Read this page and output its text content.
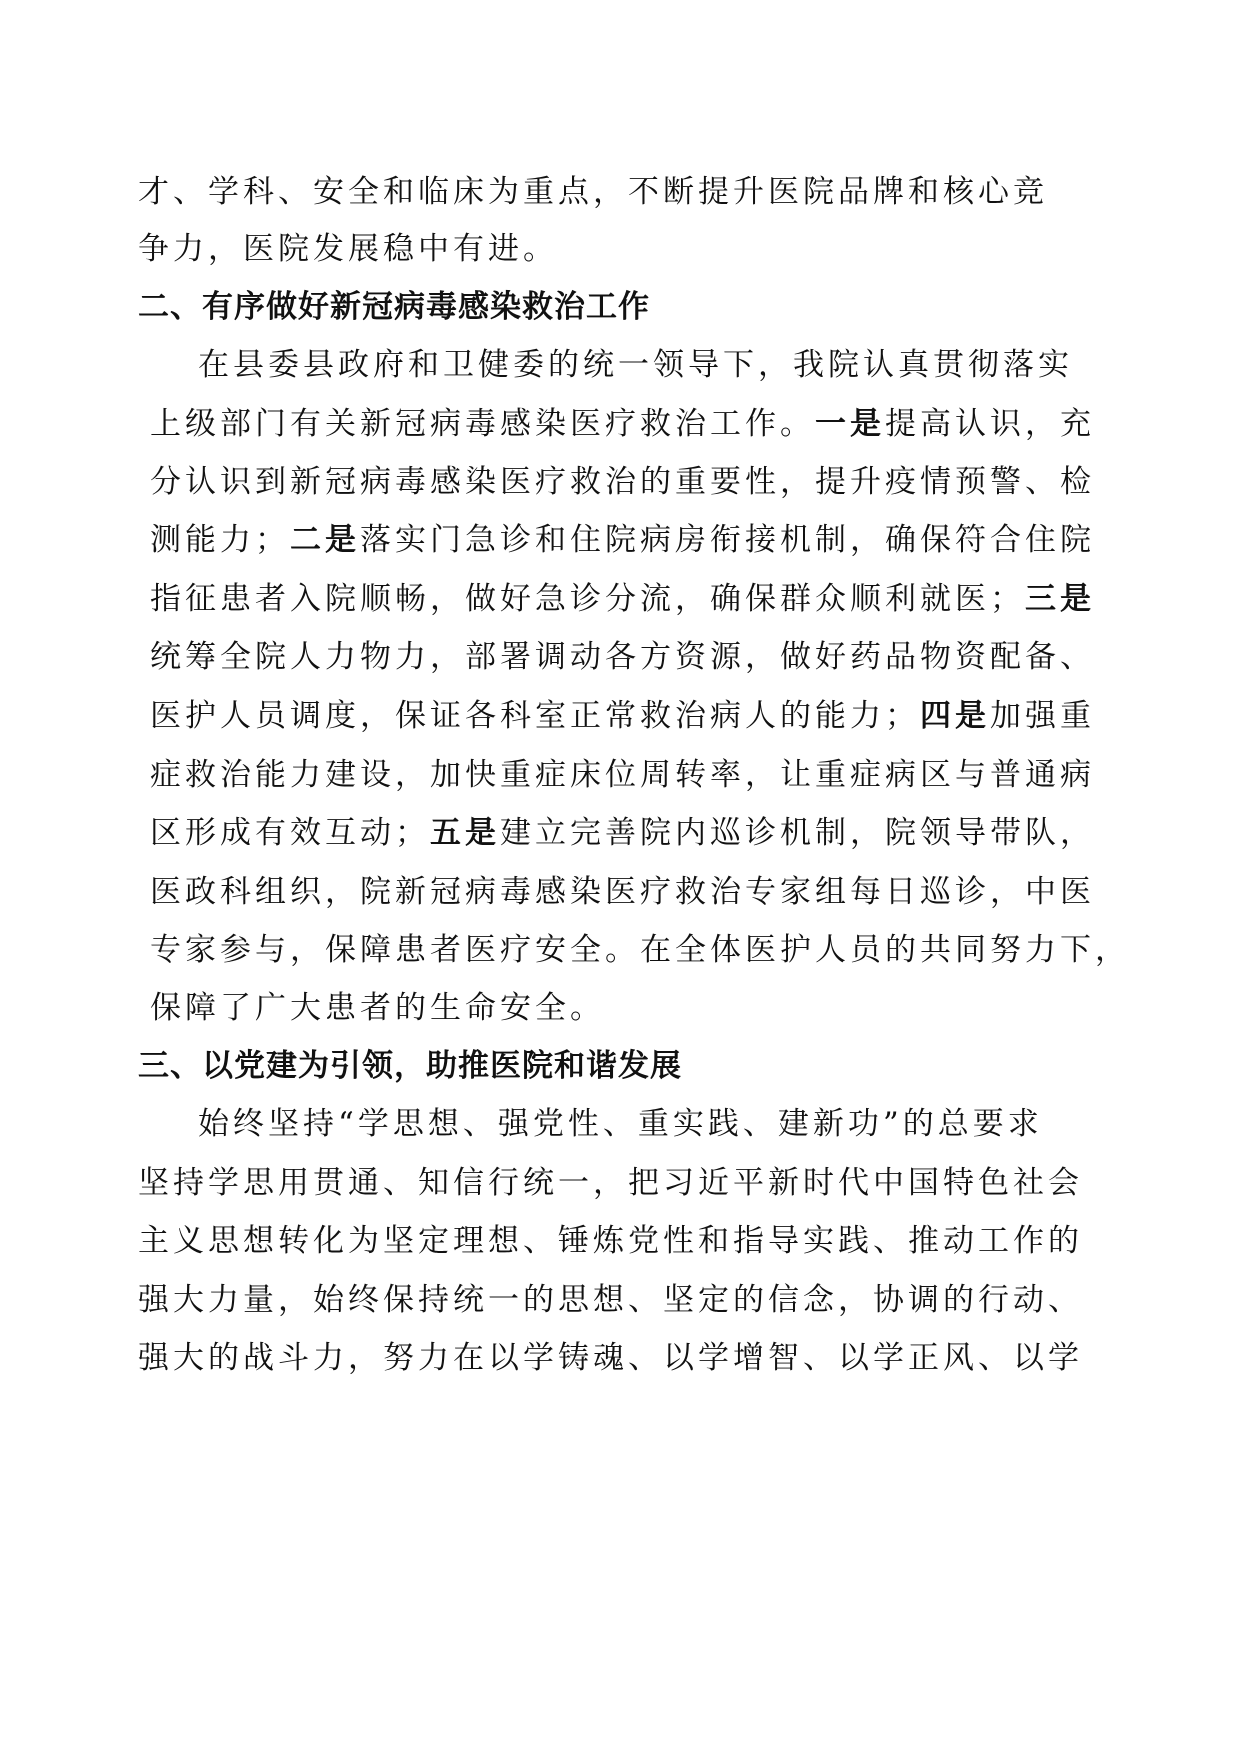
才、学科、安全和临床为重点，不断提升医院品牌和核心竞

争力，医院发展稳中有进。

二、有序做好新冠病毒感染救治工作

在县委县政府和卫健委的统一领导下，我院认真贯彻落实

上级部门有关新冠病毒感染医疗救治工作。一是提高认识，充

分认识到新冠病毒感染医疗救治的重要性，提升疫情预警、检

测能力；二是落实门急诊和住院病房衔接机制，确保符合住院

指征患者入院顺畅，做好急诊分流，确保群众顺利就医；三是

统筹全院人力物力，部署调动各方资源，做好药品物资配备、

医护人员调度，保证各科室正常救治病人的能力；四是加强重

症救治能力建设，加快重症床位周转率，让重症病区与普通病

区形成有效互动；五是建立完善院内巡诊机制，院领导带队，

医政科组织，院新冠病毒感染医疗救治专家组每日巡诊，中医

专家参与，保障患者医疗安全。在全体医护人员的共同努力下，

保障了广大患者的生命安全。

三、以党建为引领，助推医院和谐发展

始终坚持“学思想、强党性、重实践、建新功”的总要求

坚持学思用贯通、知信行统一，把习近平新时代中国特色社会

主义思想转化为坚定理想、锤炼党性和指导实践、推动工作的

强大力量，始终保持统一的思想、坚定的信念，协调的行动、

强大的战斗力，努力在以学铸魂、以学增智、以学正风、以学
